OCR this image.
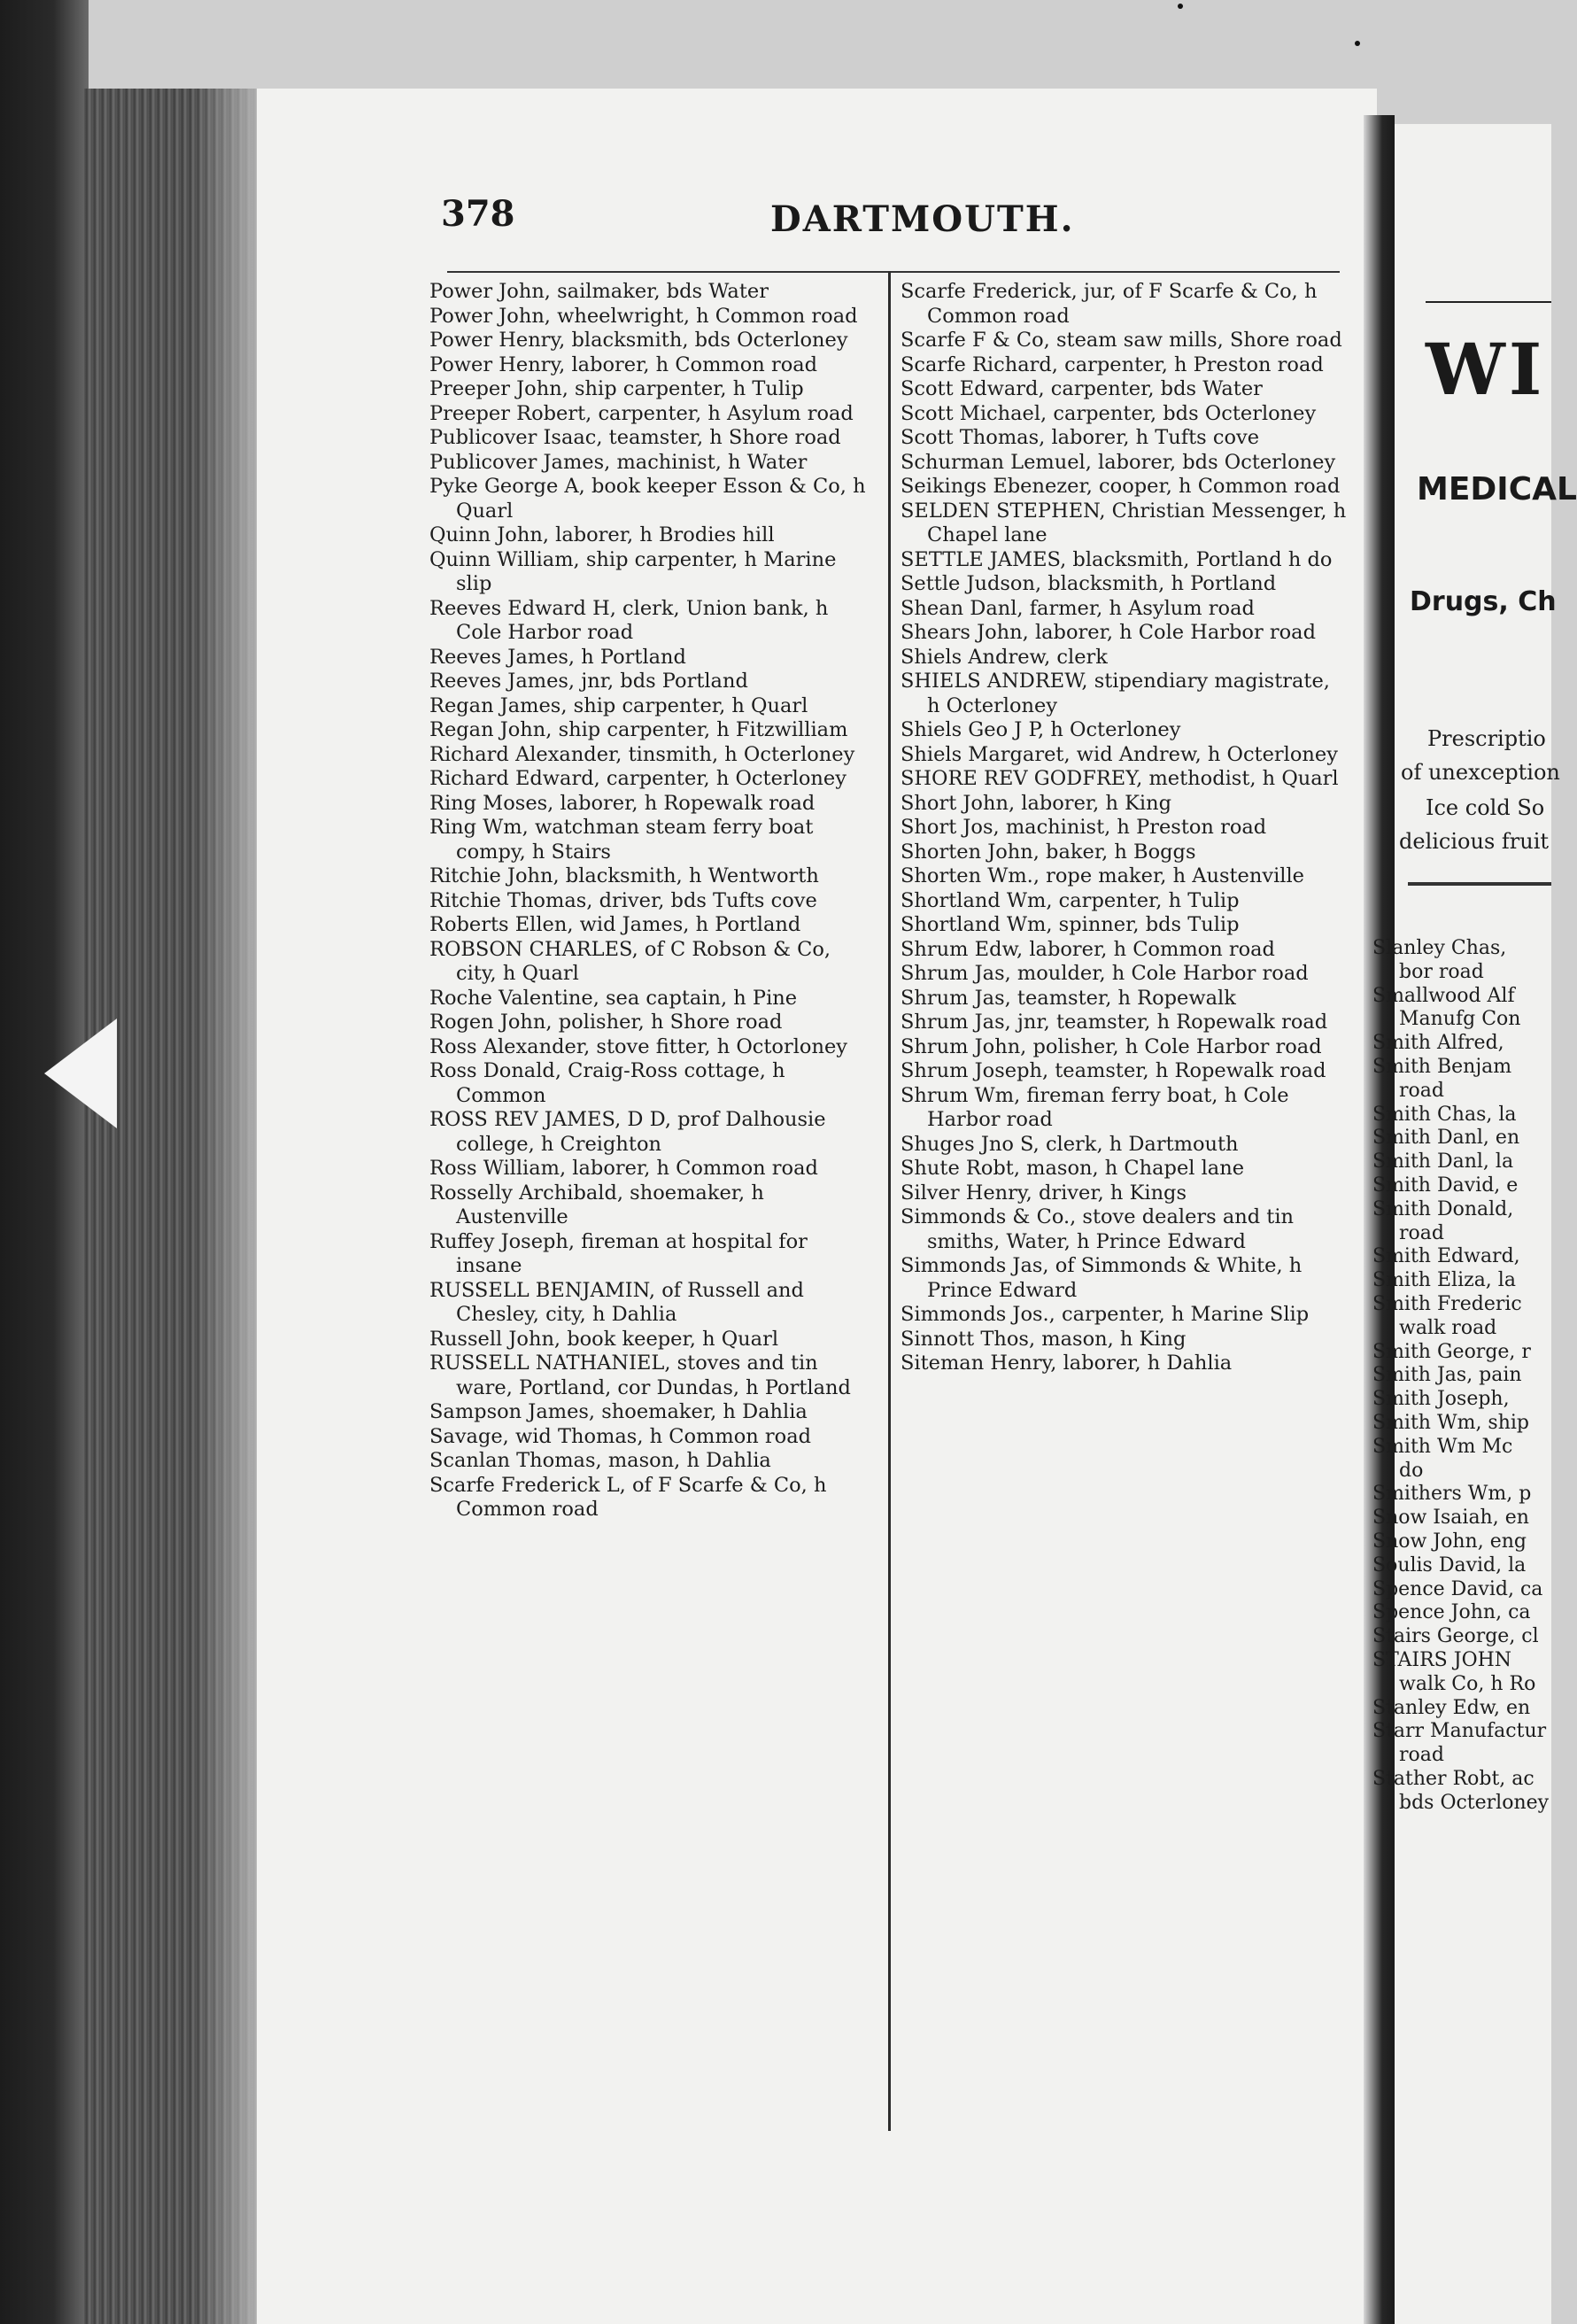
378	DARTMOUTH.
Power John, sailmaker, bds Water
Power John, wheelwright, h Common road
Power Henry, blacksmith, bds Octerloney
Power Henry, laborer, h Common road
Preeper John, ship carpenter, h Tulip
Preeper Robert, carpenter, h Asylum road
Publicover Isaac, teamster, h Shore road
Publicover James, machinist, h Water
Pyke George A, book keeper Esson & Co, h Quarl
Quinn John, laborer, h Brodies hill
Quinn William, ship carpenter, h Marine slip
Reeves Edward H, clerk, Union bank, h Cole Harbor road
Reeves James, h Portland
Reeves James, jnr, bds Portland
Regan James, ship carpenter, h Quarl
Regan John, ship carpenter, h Fitzwilliam
Richard Alexander, tinsmith, h Octerloney
Richard Edward, carpenter, h Octerloney
Ring Moses, laborer, h Ropewalk road
Ring Wm, watchman steam ferry boat compy, h Stairs
Ritchie John, blacksmith, h Wentworth
Ritchie Thomas, driver, bds Tufts cove
Roberts Ellen, wid James, h Portland
ROBSON CHARLES, of C Robson & Co, city, h Quarl
Roche Valentine, sea captain, h Pine
Rogen John, polisher, h Shore road
Ross Alexander, stove fitter, h Octorloney
Ross Donald, Craig-Ross cottage, h Common
ROSS REV JAMES, D D, prof Dalhousie college, h Creighton
Ross William, laborer, h Common road
Rosselly Archibald, shoemaker, h Austenville
Ruffey Joseph, fireman at hospital for insane
RUSSELL BENJAMIN, of Russell and Chesley, city, h Dahlia
Russell John, book keeper, h Quarl
RUSSELL NATHANIEL, stoves and tin ware, Portland, cor Dundas, h Portland
Sampson James, shoemaker, h Dahlia
Savage, wid Thomas, h Common road
Scanlan Thomas, mason, h Dahlia
Scarfe Frederick L, of F Scarfe & Co, h Common road
Scarfe Frederick, jur, of F Scarfe & Co, h Common road
Scarfe F & Co, steam saw mills, Shore road
Scarfe Richard, carpenter, h Preston road
Scott Edward, carpenter, bds Water
Scott Michael, carpenter, bds Octerloney
Scott Thomas, laborer, h Tufts cove
Schurman Lemuel, laborer, bds Octerloney
Seikings Ebenezer, cooper, h Common road
SELDEN STEPHEN, Christian Messenger, h Chapel lane
SETTLE JAMES, blacksmith, Portland h do
Settle Judson, blacksmith, h Portland
Shean Danl, farmer, h Asylum road
Shears John, laborer, h Cole Harbor road
Shiels Andrew, clerk
SHIELS ANDREW, stipendiary magistrate, h Octerloney
Shiels Geo J P, h Octerloney
Shiels Margaret, wid Andrew, h Octerloney
SHORE REV GODFREY, methodist, h Quarl
Short John, laborer, h King
Short Jos, machinist, h Preston road
Shorten John, baker, h Boggs
Shorten Wm., rope maker, h Austenville
Shortland Wm, carpenter, h Tulip
Shortland Wm, spinner, bds Tulip
Shrum Edw, laborer, h Common road
Shrum Jas, moulder, h Cole Harbor road
Shrum Jas, teamster, h Ropewalk
Shrum Jas, jnr, teamster, h Ropewalk road
Shrum John, polisher, h Cole Harbor road
Shrum Joseph, teamster, h Ropewalk road
Shrum Wm, fireman ferry boat, h Cole Harbor road
Shuges Jno S, clerk, h Dartmouth
Shute Robt, mason, h Chapel lane
Silver Henry, driver, h Kings
Simmonds & Co., stove dealers and tin smiths, Water, h Prince Edward
Simmonds Jas, of Simmonds & White, h Prince Edward
Simmonds Jos., carpenter, h Marine Slip
Sinnott Thos, mason, h King
Siteman Henry, laborer, h Dahlia
WI
MEDICAL
Drugs, Ch
Prescriptio
of unexception
Ice cold So
delicious fruit
Slanley Chas,
bor road
Smallwood Alf
Manufg Con
Smith Alfred,
Smith Benjam
road
Smith Chas, la
Smith Danl, en
Smith Danl, la
Smith David, e
Smith Donald,
road
Smith Edward,
Smith Eliza, la
Smith Frederic
walk road
Smith George, r
Smith Jas, pain
Smith Joseph,
Smith Wm, ship
Smith Wm Mc
do
Smithers Wm, p
Snow Isaiah, en
Snow John, eng
Soulis David, la
Spence David, ca
Spence John, ca
Stairs George, cl
STAIRS JOHN
walk Co, h Ro
Stanley Edw, en
Starr Manufactur
road
Stather Robt, ac
bds Octerloney
